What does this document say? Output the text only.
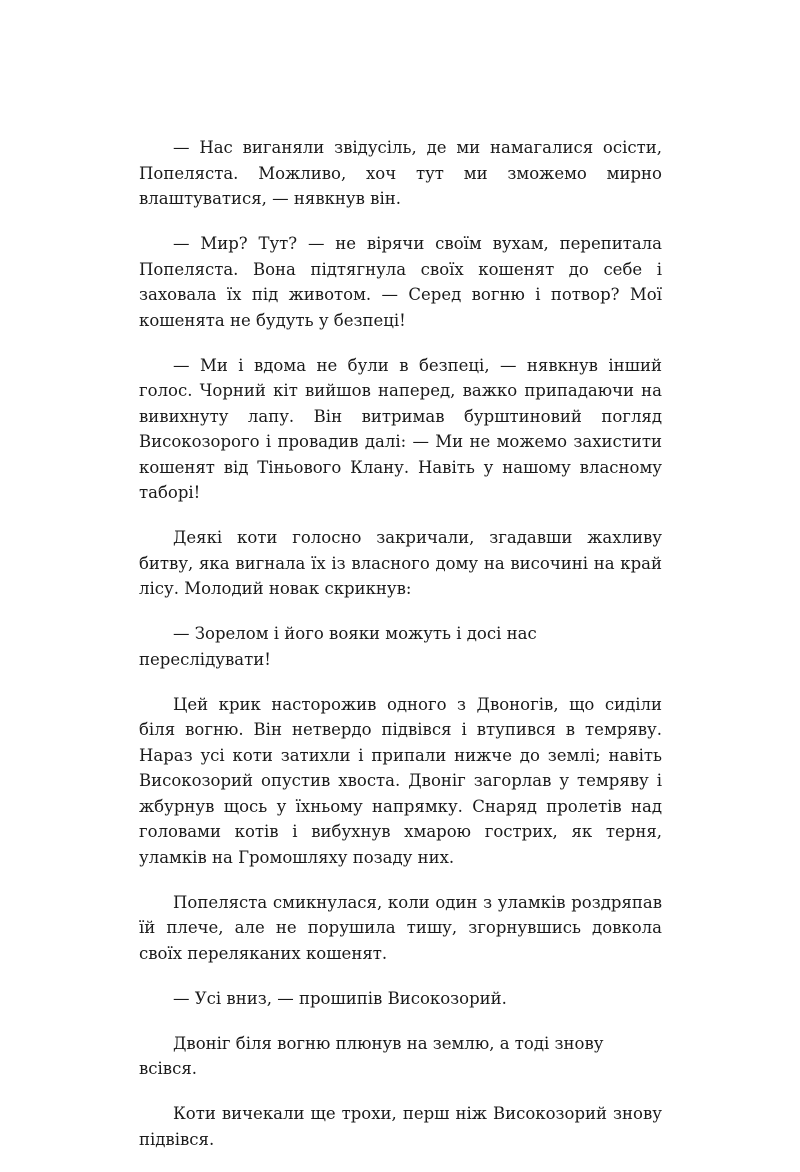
— Нас виганяли звідусіль, де ми намагалися осісти, Попеляста. Можливо, хоч тут ми зможемо мирно влаштуватися, — нявкнув він.

— Мир? Тут? — не вірячи своїм вухам, перепитала Попеляста. Вона підтягнула своїх кошенят до себе і заховала їх під животом. — Серед вогню і потвор? Мої кошенята не будуть у безпеці!

— Ми і вдома не були в безпеці, — нявкнув інший голос. Чорний кіт вийшов наперед, важко припадаючи на вивихнуту лапу. Він витримав бурштиновий погляд Високозорого і провадив далі: — Ми не можемо захистити кошенят від Тіньового Клану. Навіть у нашому власному таборі!

Деякі коти голосно закричали, згадавши жахливу битву, яка вигнала їх із власного дому на височині на край лісу. Молодий новак скрикнув:

— Зорелом і його вояки можуть і досі нас переслідувати!

Цей крик насторожив одного з Двоногів, що сиділи біля вогню. Він нетвердо підвівся і втупився в темряву. Нараз усі коти затихли і припали нижче до землі; навіть Високозорий опустив хвоста. Двоніг загорлав у темряву і жбурнув щось у їхньому напрямку. Снаряд пролетів над головами котів і вибухнув хмарою гострих, як терня, уламків на Громошляху позаду них.

Попеляста смикнулася, коли один з уламків роздряпав їй плече, але не порушила тишу, згорнувшись довкола своїх переляканих кошенят.

— Усі вниз, — прошипів Високозорий.

Двоніг біля вогню плюнув на землю, а тоді знову всівся.

Коти вичекали ще трохи, перш ніж Високозорий знову підвівся.
